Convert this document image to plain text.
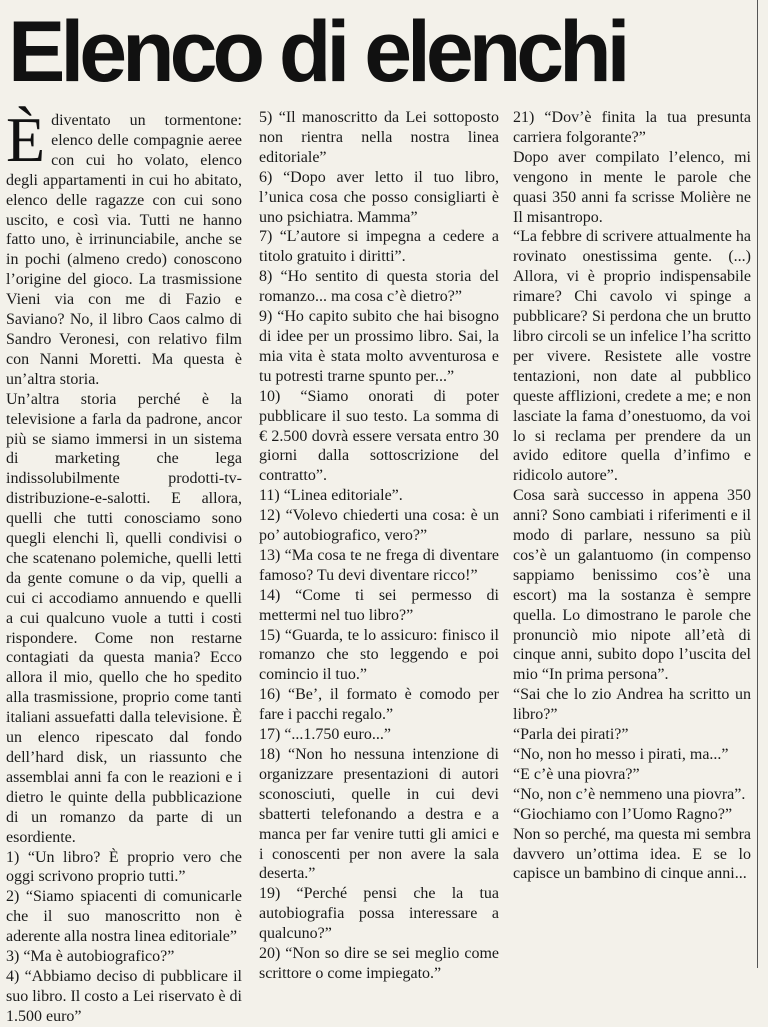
Elenco di elenchi

Èdiventato un tormentone: elenco delle compagnie aeree con cui ho volato, elenco degli appartamenti in cui ho abitato, elenco delle ragazze con cui sono uscito, e così via. Tutti ne hanno fatto uno, è irrinunciabile, anche se in pochi (almeno credo) conoscono l’origine del gioco. La trasmissione Vieni via con me di Fazio e Saviano? No, il libro Caos calmo di Sandro Veronesi, con relativo film con Nanni Moretti. Ma questa è un’altra storia.

Un’altra storia perché è la televisione a farla da padrone, ancor più se siamo immersi in un sistema di marketing che lega indissolubilmente prodotti-tv-distribuzione-e-salotti. E allora, quelli che tutti conosciamo sono quegli elenchi lì, quelli condivisi o che scatenano polemiche, quelli letti da gente comune o da vip, quelli a cui ci accodiamo annuendo e quelli a cui qualcuno vuole a tutti i costi rispondere. Come non restarne contagiati da questa mania? Ecco allora il mio, quello che ho spedito alla trasmissione, proprio come tanti italiani assuefatti dalla televisione. È un elenco ripescato dal fondo dell’hard disk, un riassunto che assemblai anni fa con le reazioni e i dietro le quinte della pubblicazione di un romanzo da parte di un esordiente.

1) “Un libro? È proprio vero che oggi scrivono proprio tutti.”

2) “Siamo spiacenti di comunicarle che il suo manoscritto non è aderente alla nostra linea editoriale”

3) “Ma è autobiografico?”

4) “Abbiamo deciso di pubblicare il suo libro. Il costo a Lei riservato è di 1.500 euro”

5) “Il manoscritto da Lei sottoposto non rientra nella nostra linea editoriale”

6) “Dopo aver letto il tuo libro, l’unica cosa che posso consigliarti è uno psichiatra. Mamma”

7) “L’autore si impegna a cedere a titolo gratuito i diritti”.

8) “Ho sentito di questa storia del romanzo... ma cosa c’è dietro?”

9) “Ho capito subito che hai bisogno di idee per un prossimo libro. Sai, la mia vita è stata molto avventurosa e tu potresti trarne spunto per...”

10) “Siamo onorati di poter pubblicare il suo testo. La somma di € 2.500 dovrà essere versata entro 30 giorni dalla sottoscrizione del contratto”.

11) “Linea editoriale”.

12) “Volevo chiederti una cosa: è un po’ autobiografico, vero?”

13) “Ma cosa te ne frega di diventare famoso? Tu devi diventare ricco!”

14) “Come ti sei permesso di mettermi nel tuo libro?”

15) “Guarda, te lo assicuro: finisco il romanzo che sto leggendo e poi comincio il tuo.”

16) “Be’, il formato è comodo per fare i pacchi regalo.”

17) “...1.750 euro...”

18) “Non ho nessuna intenzione di organizzare presentazioni di autori sconosciuti, quelle in cui devi sbatterti telefonando a destra e a manca per far venire tutti gli amici e i conoscenti per non avere la sala deserta.”

19) “Perché pensi che la tua autobiografia possa interessare a qualcuno?”

20) “Non so dire se sei meglio come scrittore o come impiegato.”

21) “Dov’è finita la tua presunta carriera folgorante?”

Dopo aver compilato l’elenco, mi vengono in mente le parole che quasi 350 anni fa scrisse Molière ne Il misantropo.

“La febbre di scrivere attualmente ha rovinato onestissima gente. (...) Allora, vi è proprio indispensabile rimare? Chi cavolo vi spinge a pubblicare? Si perdona che un brutto libro circoli se un infelice l’ha scritto per vivere. Resistete alle vostre tentazioni, non date al pubblico queste afflizioni, credete a me; e non lasciate la fama d’onestuomo, da voi lo si reclama per prendere da un avido editore quella d’infimo e ridicolo autore”.

Cosa sarà successo in appena 350 anni? Sono cambiati i riferimenti e il modo di parlare, nessuno sa più cos’è un galantuomo (in compenso sappiamo benissimo cos’è una escort) ma la sostanza è sempre quella. Lo dimostrano le parole che pronunciò mio nipote all’età di cinque anni, subito dopo l’uscita del mio “In prima persona”.

“Sai che lo zio Andrea ha scritto un libro?”

“Parla dei pirati?”

“No, non ho messo i pirati, ma...”

“E c’è una piovra?”

“No, non c’è nemmeno una piovra”.

“Giochiamo con l’Uomo Ragno?”

Non so perché, ma questa mi sembra davvero un’ottima idea. E se lo capisce un bambino di cinque anni...
